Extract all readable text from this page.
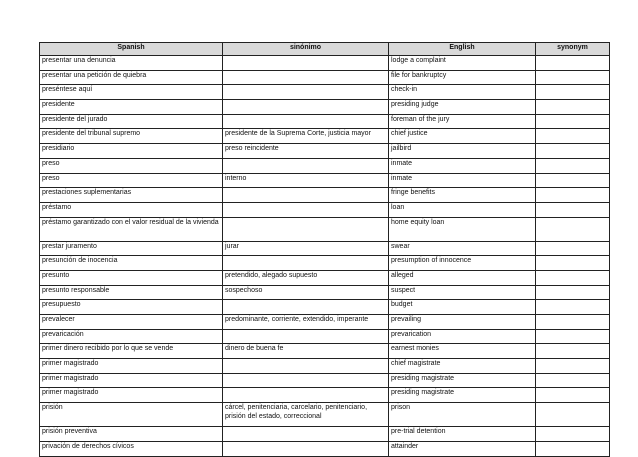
Spanish	sinónimo	English	synonym
presentar una denuncia		lodge a complaint	
presentar una petición de quiebra		file for bankruptcy	
preséntese aquí		check-in	
presidente		presiding judge	
presidente del jurado		foreman of the jury	
presidente del tribunal supremo	presidente de la Suprema Corte, justicia mayor	chief justice	
presidiario	preso reincidente	jailbird	
preso		inmate	
preso	interno	inmate	
prestaciones suplementarias		fringe benefits	
préstamo		loan	
préstamo garantizado con el valor residual de la vivienda		home equity loan	
prestar juramento	jurar	swear	
presunción de inocencia		presumption of innocence	
presunto	pretendido, alegado supuesto	alleged	
presunto responsable	sospechoso	suspect	
presupuesto		budget	
prevalecer	predominante, corriente, extendido, imperante	prevailing	
prevaricación		prevarication	
primer dinero recibido por lo que se vende	dinero de buena fe	earnest monies	
primer magistrado		chief magistrate	
primer magistrado		presiding magistrate	
primer magistrado		presiding magistrate	
prisión	cárcel, penitenciaria, carcelario, penitenciario, prisión del estado, correccional	prison	
prisión preventiva		pre-trial detention	
privación de derechos cívicos		attainder	
